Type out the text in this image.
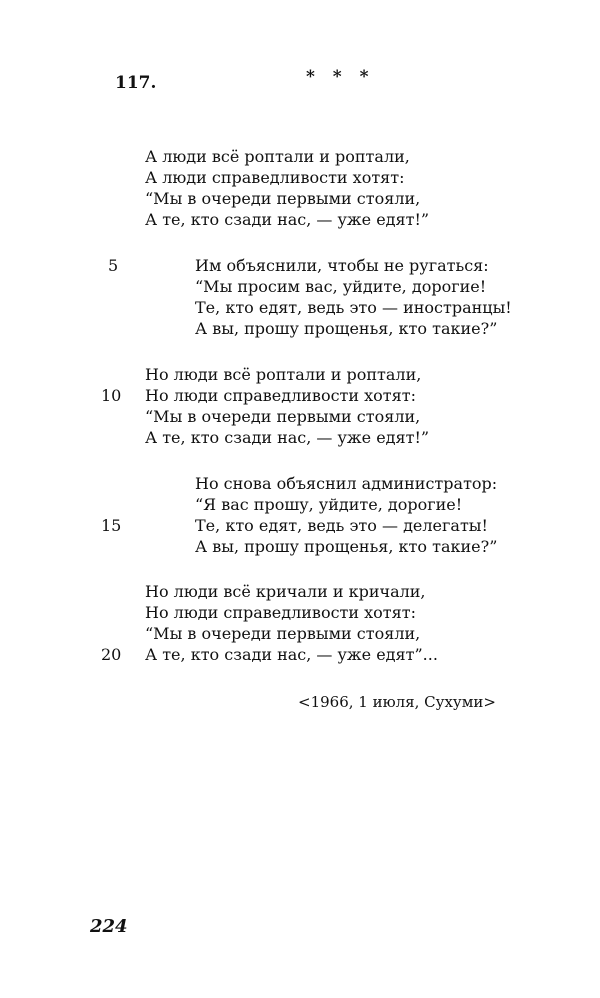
117.	* * *
А люди всё роптали и роптали,
А люди справедливости хотят:
“Мы в очереди первыми стояли,
А те, кто сзади нас, — уже едят!”
5	Им объяснили, чтобы не ругаться:
“Мы просим вас, уйдите, дорогие!
Те, кто едят, ведь это — иностранцы!
А вы, прошу прощенья, кто такие?”
Но люди всё роптали и роптали,
Но люди справедливости хотят:
“Мы в очереди первыми стояли,
А те, кто сзади нас, — уже едят!”
10
Но снова объяснил администратор:
“Я вас прошу, уйдите, дорогие!
Те, кто едят, ведь это — делегаты!
А вы, прошу прощенья, кто такие?”
15
Но люди всё кричали и кричали,
Но люди справедливости хотят:
“Мы в очереди первыми стояли,
А те, кто сзади нас, — уже едят”...
20
<1966, 1 июля, Сухуми>
224
